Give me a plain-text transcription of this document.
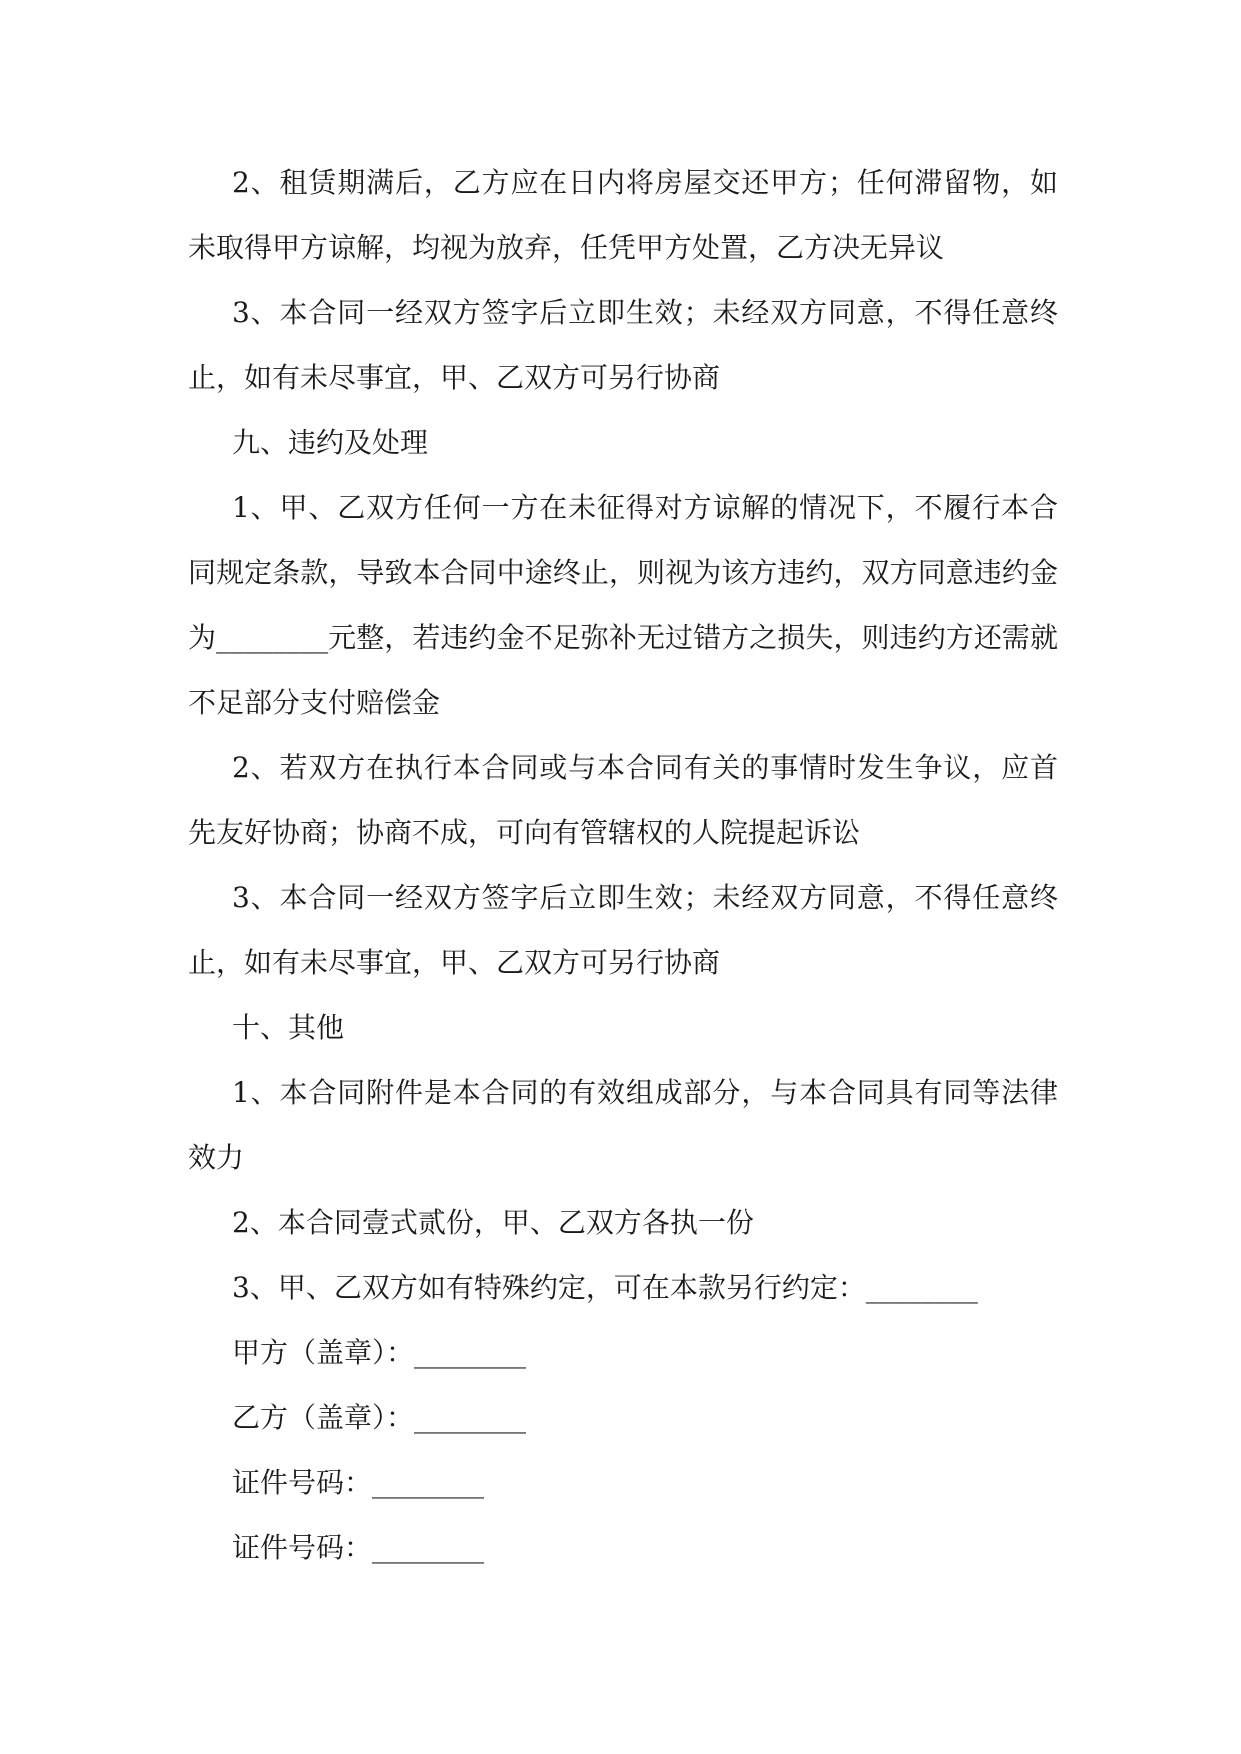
2、租赁期满后，乙方应在日内将房屋交还甲方；任何滞留物，如未取得甲方谅解，均视为放弃，任凭甲方处置，乙方决无异议

3、本合同一经双方签字后立即生效；未经双方同意，不得任意终止，如有未尽事宜，甲、乙双方可另行协商

九、违约及处理

1、甲、乙双方任何一方在未征得对方谅解的情况下，不履行本合同规定条款，导致本合同中途终止，则视为该方违约，双方同意违约金为________元整，若违约金不足弥补无过错方之损失，则违约方还需就不足部分支付赔偿金

2、若双方在执行本合同或与本合同有关的事情时发生争议，应首先友好协商；协商不成，可向有管辖权的人院提起诉讼

3、本合同一经双方签字后立即生效；未经双方同意，不得任意终止，如有未尽事宜，甲、乙双方可另行协商

十、其他

1、本合同附件是本合同的有效组成部分，与本合同具有同等法律效力

2、本合同壹式贰份，甲、乙双方各执一份

3、甲、乙双方如有特殊约定，可在本款另行约定：________

甲方（盖章）：________

乙方（盖章）：________

证件号码：________

证件号码：________
